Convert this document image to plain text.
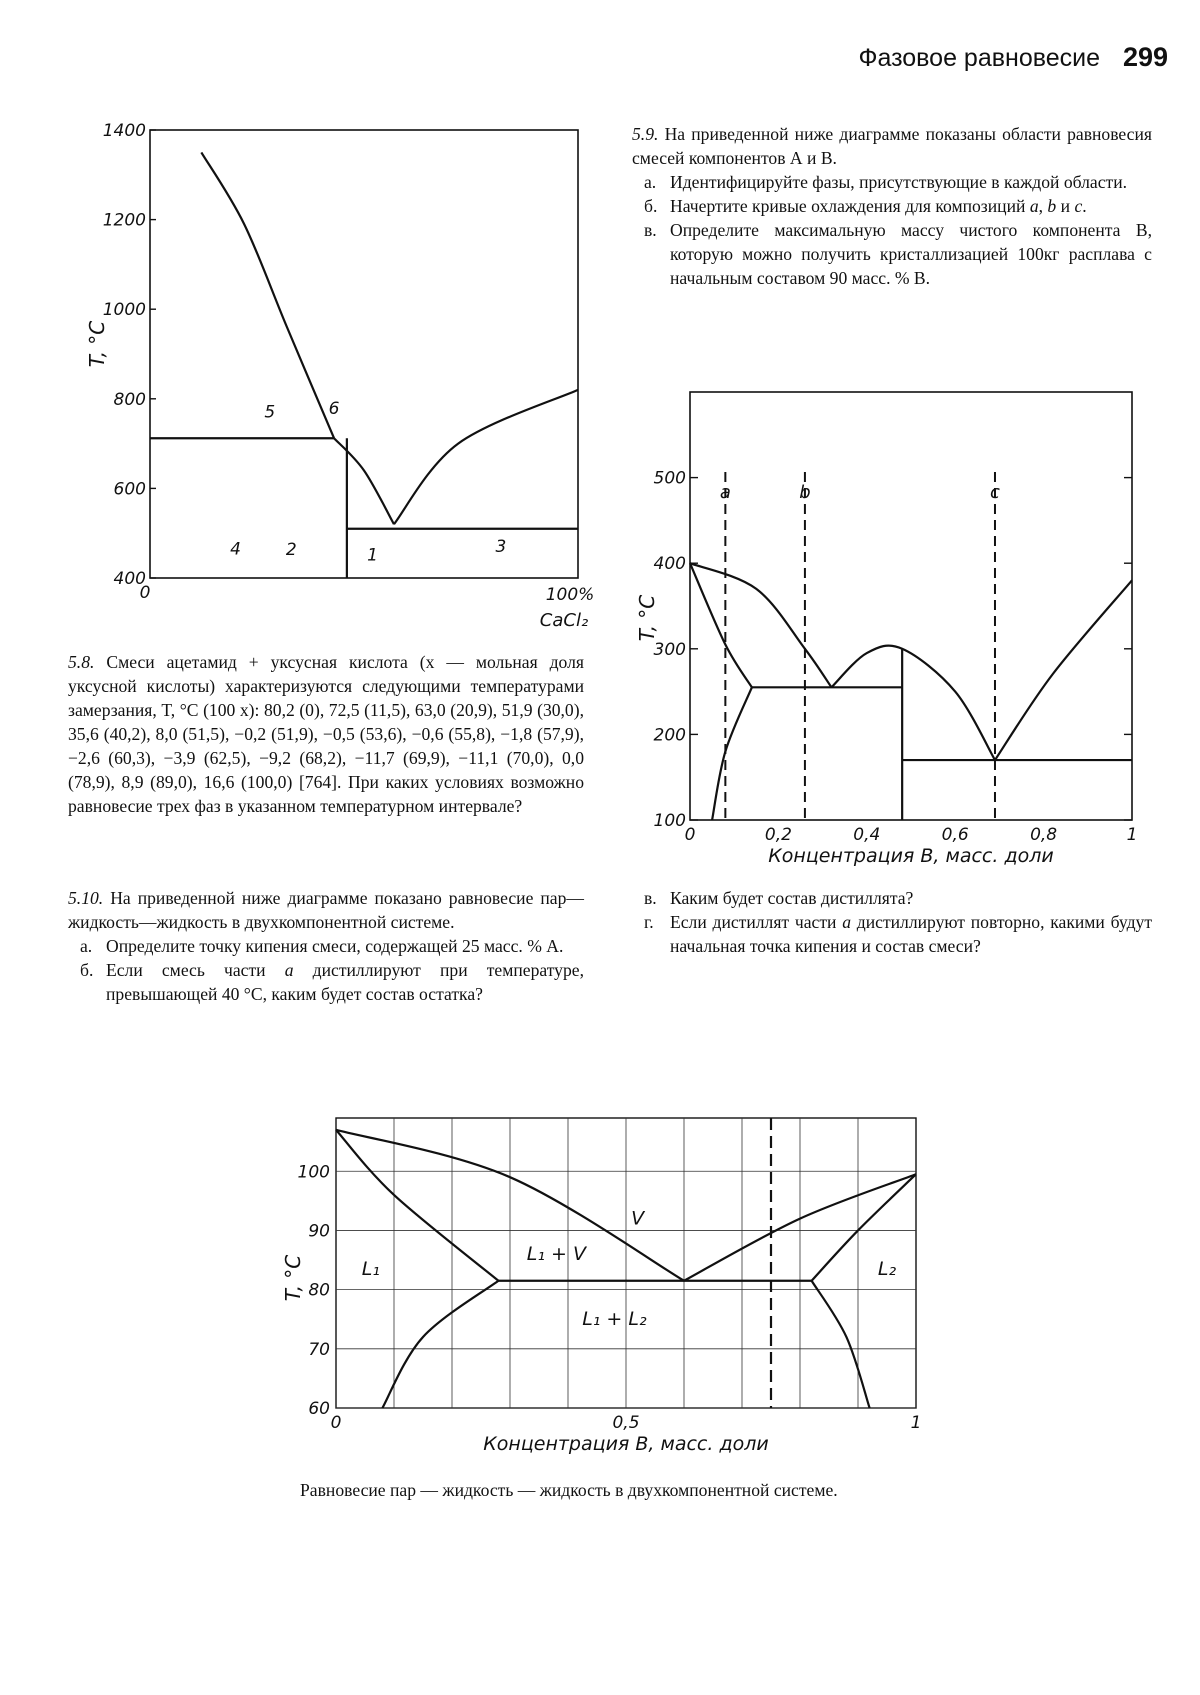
Фазовое равновесие 299
1400
1200
1000
800
600
400
0	100%
CaCl₂
T, °C
1
2	3
4
5	6
500
400
300
200
100
0	0,2	0,4	0,6	0,8	1
Концентрация В, масс. доли
T, °C
a	b	c
100
90
80
70
60
0	0,5	1
Концентрация В, масс. доли
T, °C
V
L₁ + V
L₁	L₂
L₁ + L₂

5.9. На приведенной ниже диаграмме показаны области равновесия смесей компонентов А и В.

а. Идентифицируйте фазы, присутствующие в каждой области.
б. Начертите кривые охлаждения для композиций a, b и c.
в. Определите максимальную массу чистого компонента В, которую можно получить кристаллизацией 100кг расплава с начальным составом 90 масс. % В.

5.8. Смеси ацетамид + уксусная кислота (x — мольная доля уксусной кислоты) характеризуются следующими температурами замерзания, T, °C (100 x): 80,2 (0), 72,5 (11,5), 63,0 (20,9), 51,9 (30,0), 35,6 (40,2), 8,0 (51,5), −0,2 (51,9), −0,5 (53,6), −0,6 (55,8), −1,8 (57,9), −2,6 (60,3), −3,9 (62,5), −9,2 (68,2), −11,7 (69,9), −11,1 (70,0), 0,0 (78,9), 8,9 (89,0), 16,6 (100,0) [764]. При каких условиях возможно равновесие трех фаз в указанном температурном интервале?

5.10. На приведенной ниже диаграмме показано равновесие пар—жидкость—жидкость в двухкомпонентной системе.

а. Определите точку кипения смеси, содержащей 25 масс. % А.
б. Если смесь части a дистиллируют при температуре, превышающей 40 °C, каким будет состав остатка?
в. Каким будет состав дистиллята?
г. Если дистиллят части a дистиллируют повторно, какими будут начальная точка кипения и состав смеси?
Равновесие пар — жидкость — жидкость в двухкомпонентной системе.
